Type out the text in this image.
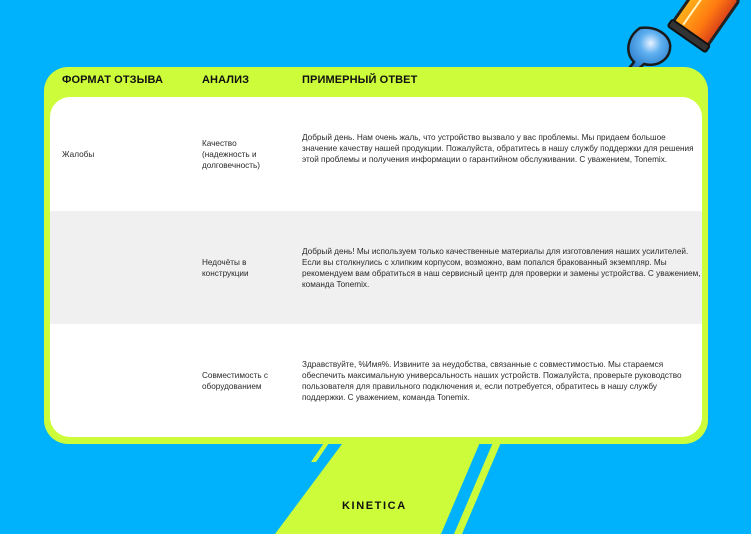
ФОРМАТ ОТЗЫВА	АНАЛИЗ	ПРИМЕРНЫЙ ОТВЕТ
Жалобы
Качество (надежность и долговечность)
Добрый день. Нам очень жаль, что устройство вызвало у вас проблемы. Мы придаем большое значение качеству нашей продукции. Пожалуйста, обратитесь в нашу службу поддержки для решения этой проблемы и получения информации о гарантийном обслуживании. С уважением, Tonemix.
Недочёты в конструкции
Добрый день! Мы используем только качественные материалы для изготовления наших усилителей. Если вы столкнулись с хлипким корпусом, возможно, вам попался бракованный экземпляр. Мы рекомендуем вам обратиться в наш сервисный центр для проверки и замены устройства. С уважением, команда Tonemix.
Совместимость с оборудованием
Здравствуйте, %Имя%. Извините за неудобства, связанные с совместимостью. Мы стараемся обеспечить максимальную универсальность наших устройств. Пожалуйста, проверьте руководство пользователя для правильного подключения и, если потребуется, обратитесь в нашу службу поддержки. С уважением, команда Tonemix.
KINETICA
